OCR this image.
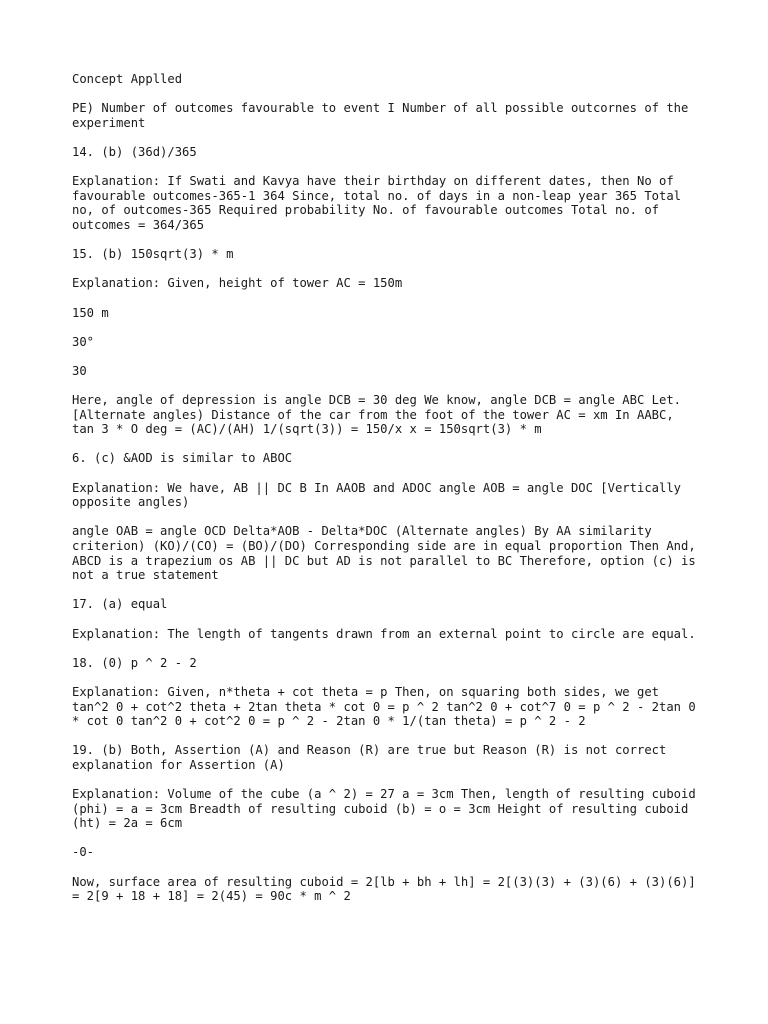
Concept Applled

PE) Number of outcomes favourable to event I Number of all possible outcornes of the experiment

14. (b) (36d)/365

Explanation: If Swati and Kavya have their birthday on different dates, then No of favourable outcomes-365-1 364 Since, total no. of days in a non-leap year 365 Total no, of outcomes-365 Required probability No. of favourable outcomes Total no. of outcomes = 364/365

15. (b) 150sqrt(3) * m

Explanation: Given, height of tower AC = 150m

150 m

30°

30

Here, angle of depression is angle DCB = 30 deg We know, angle DCB = angle ABC Let.[Alternate angles) Distance of the car from the foot of the tower AC = xm In AABC, tan 3 * O deg = (AC)/(AH) 1/(sqrt(3)) = 150/x x = 150sqrt(3) * m

6. (c) &AOD is similar to ABOC

Explanation: We have, AB || DC B In AAOB and ADOC angle AOB = angle DOC [Vertically opposite angles)

angle OAB = angle OCD Delta*AOB - Delta*DOC (Alternate angles) By AA similarity criterion) (KO)/(CO) = (BO)/(DO) Corresponding side are in equal proportion Then And, ABCD is a trapezium os AB || DC but AD is not parallel to BC Therefore, option (c) is not a true statement

17. (a) equal

Explanation: The length of tangents drawn from an external point to circle are equal.

18. (0) p ^ 2 - 2

Explanation: Given, n*theta + cot theta = p Then, on squaring both sides, we get tan^2 0 + cot^2 theta + 2tan theta * cot 0 = p ^ 2 tan^2 0 + cot^7 0 = p ^ 2 - 2tan 0 * cot 0 tan^2 0 + cot^2 0 = p ^ 2 - 2tan 0 * 1/(tan theta) = p ^ 2 - 2

19. (b) Both, Assertion (A) and Reason (R) are true but Reason (R) is not correct explanation for Assertion (A)

Explanation: Volume of the cube (a ^ 2) = 27 a = 3cm Then, length of resulting cuboid (phi) = a = 3cm Breadth of resulting cuboid (b) = o = 3cm Height of resulting cuboid (ht) = 2a = 6cm

-0-

Now, surface area of resulting cuboid = 2[lb + bh + lh] = 2[(3)(3) + (3)(6) + (3)(6)] = 2[9 + 18 + 18] = 2(45) = 90c * m ^ 2
